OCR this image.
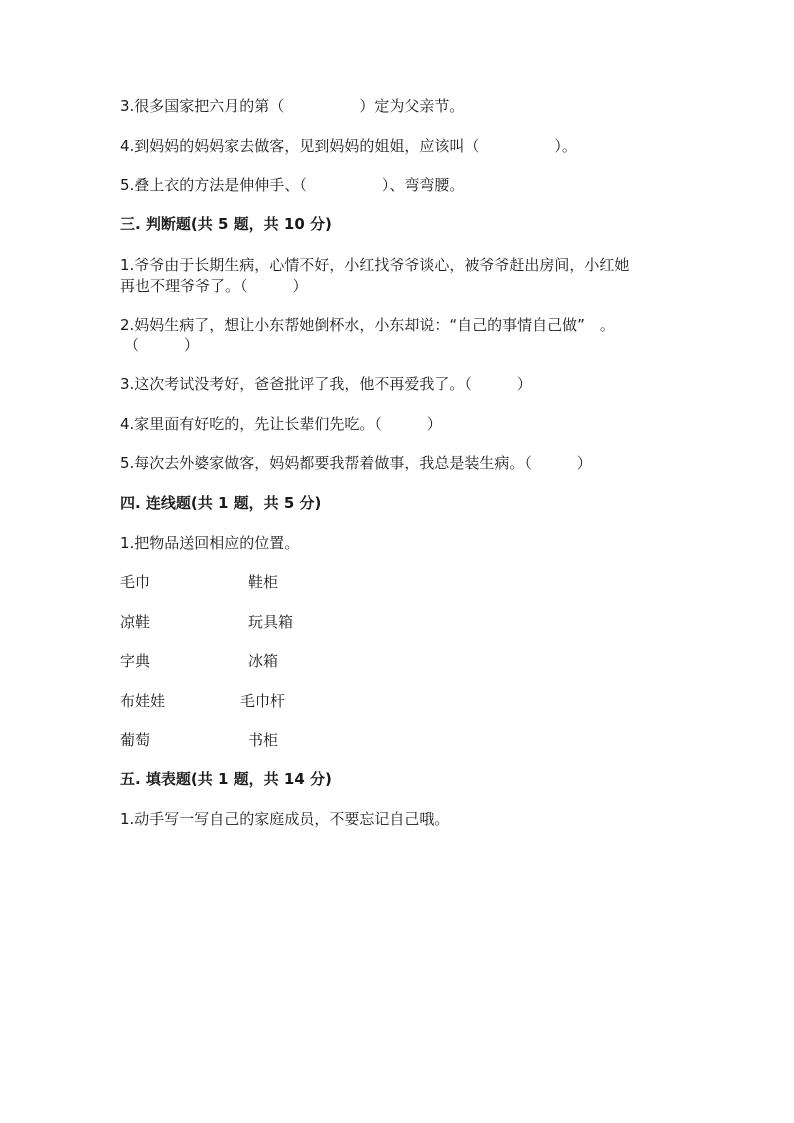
3.很多国家把六月的第（　　　　　）定为父亲节。

4.到妈妈的妈妈家去做客，见到妈妈的姐姐，应该叫（　　　　　）。

5.叠上衣的方法是伸伸手、（　　　　　）、弯弯腰。

三. 判断题(共 5 题，共 10 分)

1.爷爷由于长期生病，心情不好，小红找爷爷谈心，被爷爷赶出房间，小红她

再也不理爷爷了。（　　　）

2.妈妈生病了，想让小东帮她倒杯水，小东却说：“自己的事情自己做”　。

（　　　）

3.这次考试没考好，爸爸批评了我，他不再爱我了。（　　　）

4.家里面有好吃的，先让长辈们先吃。（　　　）

5.每次去外婆家做客，妈妈都要我帮着做事，我总是装生病。（　　　）

四. 连线题(共 1 题，共 5 分)

1.把物品送回相应的位置。

毛巾	鞋柜

凉鞋	玩具箱

字典	冰箱

布娃娃	毛巾杆

葡萄	书柜

五. 填表题(共 1 题，共 14 分)

1.动手写一写自己的家庭成员，不要忘记自己哦。
